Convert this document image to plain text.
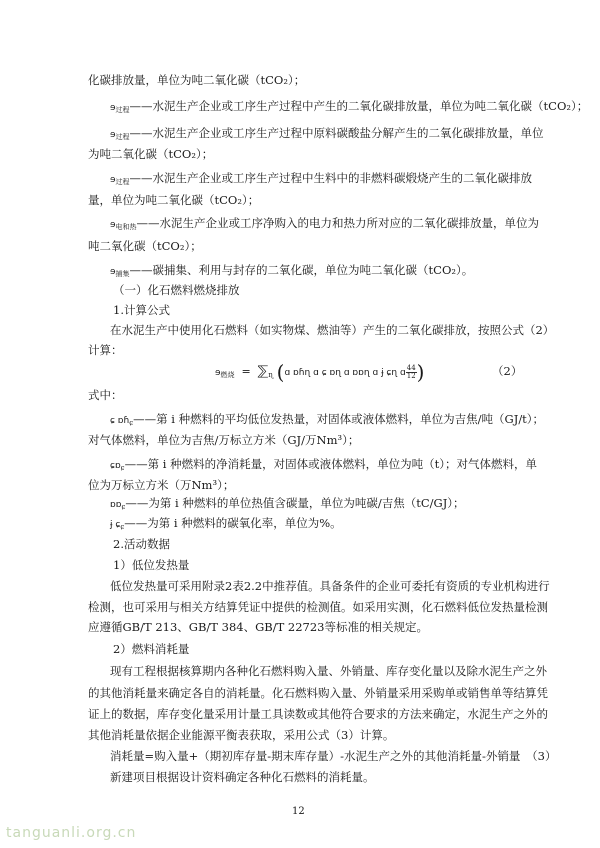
化碳排放量，单位为吨二氧化碳（tCO₂）；
ɘ$_{过程}$——水泥生产企业或工序生产过程中产生的二氧化碳排放量，单位为吨二氧化碳（tCO₂）；
ɘ$_{过程}$——水泥生产企业或工序生产过程中原料碳酸盐分解产生的二氧化碳排放量，单位
为吨二氧化碳（tCO₂）；
ɘ$_{过程}$——水泥生产企业或工序生产过程中生料中的非燃料碳煅烧产生的二氧化碳排放
量，单位为吨二氧化碳（tCO₂）；
ɘ$_{电和热}$——水泥生产企业或工序净购入的电力和热力所对应的二氧化碳排放量，单位为
吨二氧化碳（tCO₂）；
ɘ$_{捕集}$——碳捕集、利用与封存的二氧化碳，单位为吨二氧化碳（tCO₂）。
（一）化石燃料燃烧排放
1.计算公式
在水泥生产中使用化石燃料（如实物煤、燃油等）产生的二氧化碳排放，按照公式（2）
计算：
ɘ$_{燃烧}$  =  $⅀_ɳ$ (ɑ ɒɦɳ ɑ ɕ ɒɳ ɑ ɒɒɳ ɑ ɉ ɕɳ ɑ $\frac{44}{12}$ )	（2）
式中：
ɕ ɒɦ$_ɕ$——第 i 种燃料的平均低位发热量，对固体或液体燃料，单位为吉焦/吨（GJ/t）；
对气体燃料，单位为吉焦/万标立方米（GJ/万Nm³）；
ɕɒ$_ɕ$——第 i 种燃料的净消耗量，对固体或液体燃料，单位为吨（t）；对气体燃料，单
位为万标立方米（万Nm³）；
ɒɒ$_ɕ$——为第 i 种燃料的单位热值含碳量，单位为吨碳/吉焦（tC/GJ）；
ɉ ɕ$_ɕ$——为第 i 种燃料的碳氧化率，单位为%。
2.活动数据
1）低位发热量
低位发热量可采用附录2表2.2中推荐值。具备条件的企业可委托有资质的专业机构进行
检测，也可采用与相关方结算凭证中提供的检测值。如采用实测，化石燃料低位发热量检测
应遵循GB/T 213、GB/T 384、GB/T 22723等标准的相关规定。
2）燃料消耗量
现有工程根据核算期内各种化石燃料购入量、外销量、库存变化量以及除水泥生产之外
的其他消耗量来确定各自的消耗量。化石燃料购入量、外销量采用采购单或销售单等结算凭
证上的数据，库存变化量采用计量工具读数或其他符合要求的方法来确定，水泥生产之外的
其他消耗量依据企业能源平衡表获取，采用公式（3）计算。
消耗量=购入量+（期初库存量-期末库存量）-水泥生产之外的其他消耗量-外销量　（3）
新建项目根据设计资料确定各种化石燃料的消耗量。
12
tanguanli.org.cn
